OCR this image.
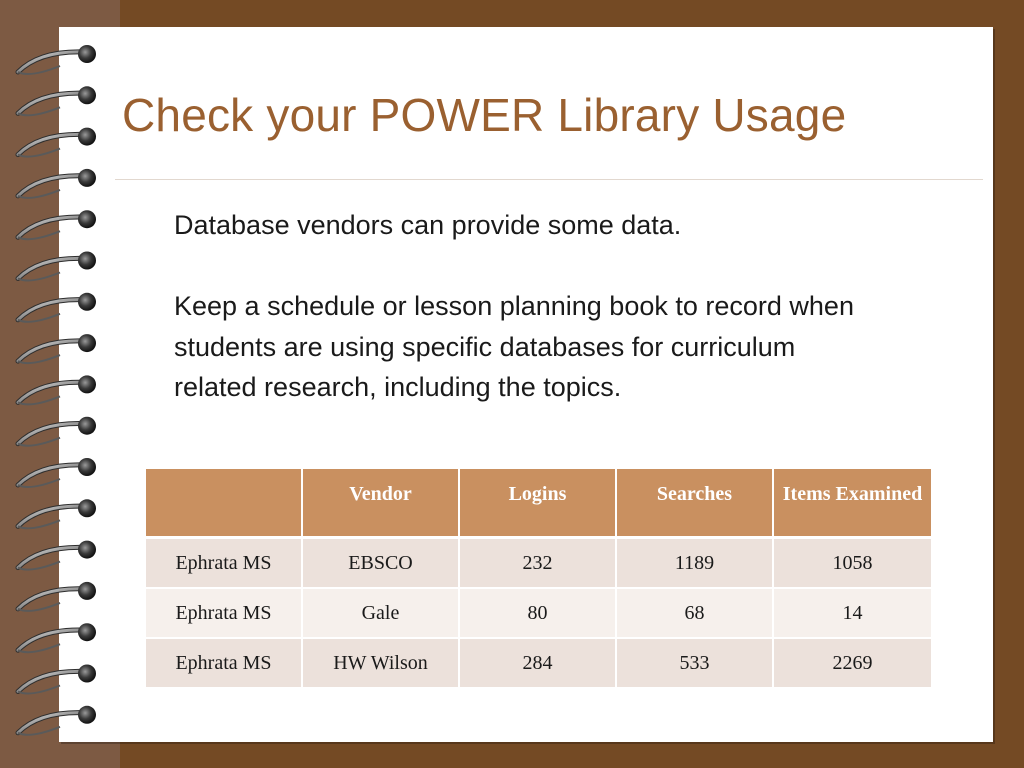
Check your POWER Library Usage

Database vendors can provide some data.

Keep a schedule or lesson planning book to record when students are using specific databases for curriculum related research, including the topics.

	Vendor	Logins	Searches	Items Examined
Ephrata MS	EBSCO	232	1189	1058
Ephrata MS	Gale	80	68	14
Ephrata MS	HW Wilson	284	533	2269
